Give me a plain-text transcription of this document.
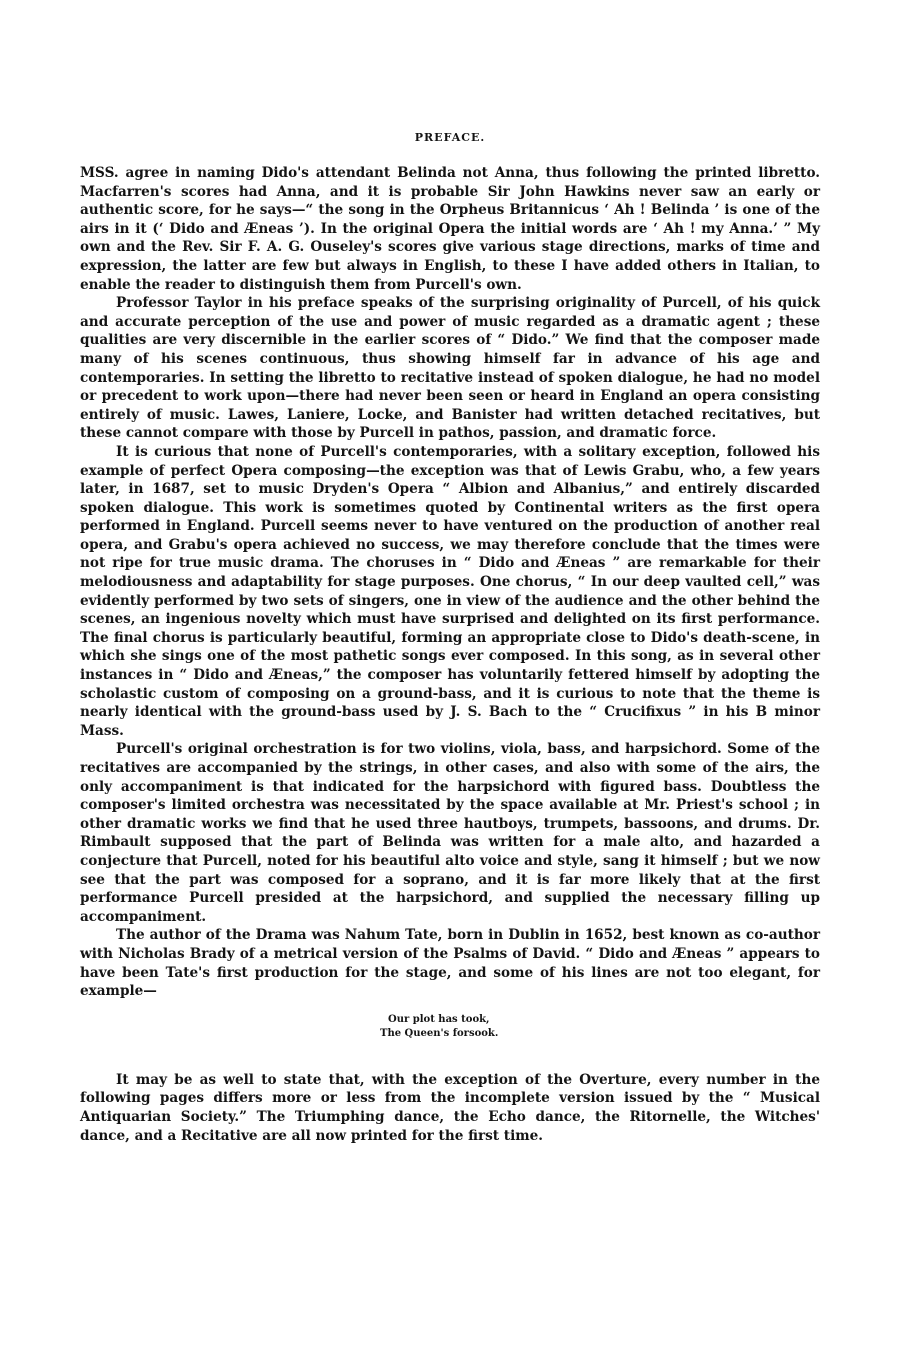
PREFACE.

MSS. agree in naming Dido's attendant Belinda not Anna, thus following the printed libretto. Macfarren's scores had Anna, and it is probable Sir John Hawkins never saw an early or authentic score, for he says—“ the song in the Orpheus Britannicus ‘ Ah ! Belinda ’ is one of the airs in it (‘ Dido and Æneas ’). In the original Opera the initial words are ‘ Ah ! my Anna.’ ” My own and the Rev. Sir F. A. G. Ouseley's scores give various stage directions, marks of time and expression, the latter are few but always in English, to these I have added others in Italian, to enable the reader to distinguish them from Purcell's own.

Professor Taylor in his preface speaks of the surprising originality of Purcell, of his quick and accurate perception of the use and power of music regarded as a dramatic agent ; these qualities are very discernible in the earlier scores of “ Dido.” We find that the composer made many of his scenes continuous, thus showing himself far in advance of his age and contemporaries. In setting the libretto to recitative instead of spoken dialogue, he had no model or precedent to work upon—there had never been seen or heard in England an opera consisting entirely of music. Lawes, Laniere, Locke, and Banister had written detached recitatives, but these cannot compare with those by Purcell in pathos, passion, and dramatic force.

It is curious that none of Purcell's contemporaries, with a solitary exception, followed his example of perfect Opera composing—the exception was that of Lewis Grabu, who, a few years later, in 1687, set to music Dryden's Opera “ Albion and Albanius,” and entirely discarded spoken dialogue. This work is sometimes quoted by Continental writers as the first opera performed in England. Purcell seems never to have ventured on the production of another real opera, and Grabu's opera achieved no success, we may therefore conclude that the times were not ripe for true music drama. The choruses in “ Dido and Æneas ” are remarkable for their melodiousness and adaptability for stage purposes. One chorus, “ In our deep vaulted cell,” was evidently performed by two sets of singers, one in view of the audience and the other behind the scenes, an ingenious novelty which must have surprised and delighted on its first performance. The final chorus is particularly beautiful, forming an appropriate close to Dido's death-scene, in which she sings one of the most pathetic songs ever composed. In this song, as in several other instances in “ Dido and Æneas,” the composer has voluntarily fettered himself by adopting the scholastic custom of composing on a ground-bass, and it is curious to note that the theme is nearly identical with the ground-bass used by J. S. Bach to the “ Crucifixus ” in his B minor Mass.

Purcell's original orchestration is for two violins, viola, bass, and harpsichord. Some of the recitatives are accompanied by the strings, in other cases, and also with some of the airs, the only accompaniment is that indicated for the harpsichord with figured bass. Doubtless the composer's limited orchestra was necessitated by the space available at Mr. Priest's school ; in other dramatic works we find that he used three hautboys, trumpets, bassoons, and drums. Dr. Rimbault supposed that the part of Belinda was written for a male alto, and hazarded a conjecture that Purcell, noted for his beautiful alto voice and style, sang it himself ; but we now see that the part was composed for a soprano, and it is far more likely that at the first performance Purcell presided at the harpsichord, and supplied the necessary filling up accompaniment.

The author of the Drama was Nahum Tate, born in Dublin in 1652, best known as co-author with Nicholas Brady of a metrical version of the Psalms of David. “ Dido and Æneas ” appears to have been Tate's first production for the stage, and some of his lines are not too elegant, for example—

Our plot has took,
The Queen's forsook.

It may be as well to state that, with the exception of the Overture, every number in the following pages differs more or less from the incomplete version issued by the “ Musical Antiquarian Society.” The Triumphing dance, the Echo dance, the Ritornelle, the Witches' dance, and a Recitative are all now printed for the first time.
